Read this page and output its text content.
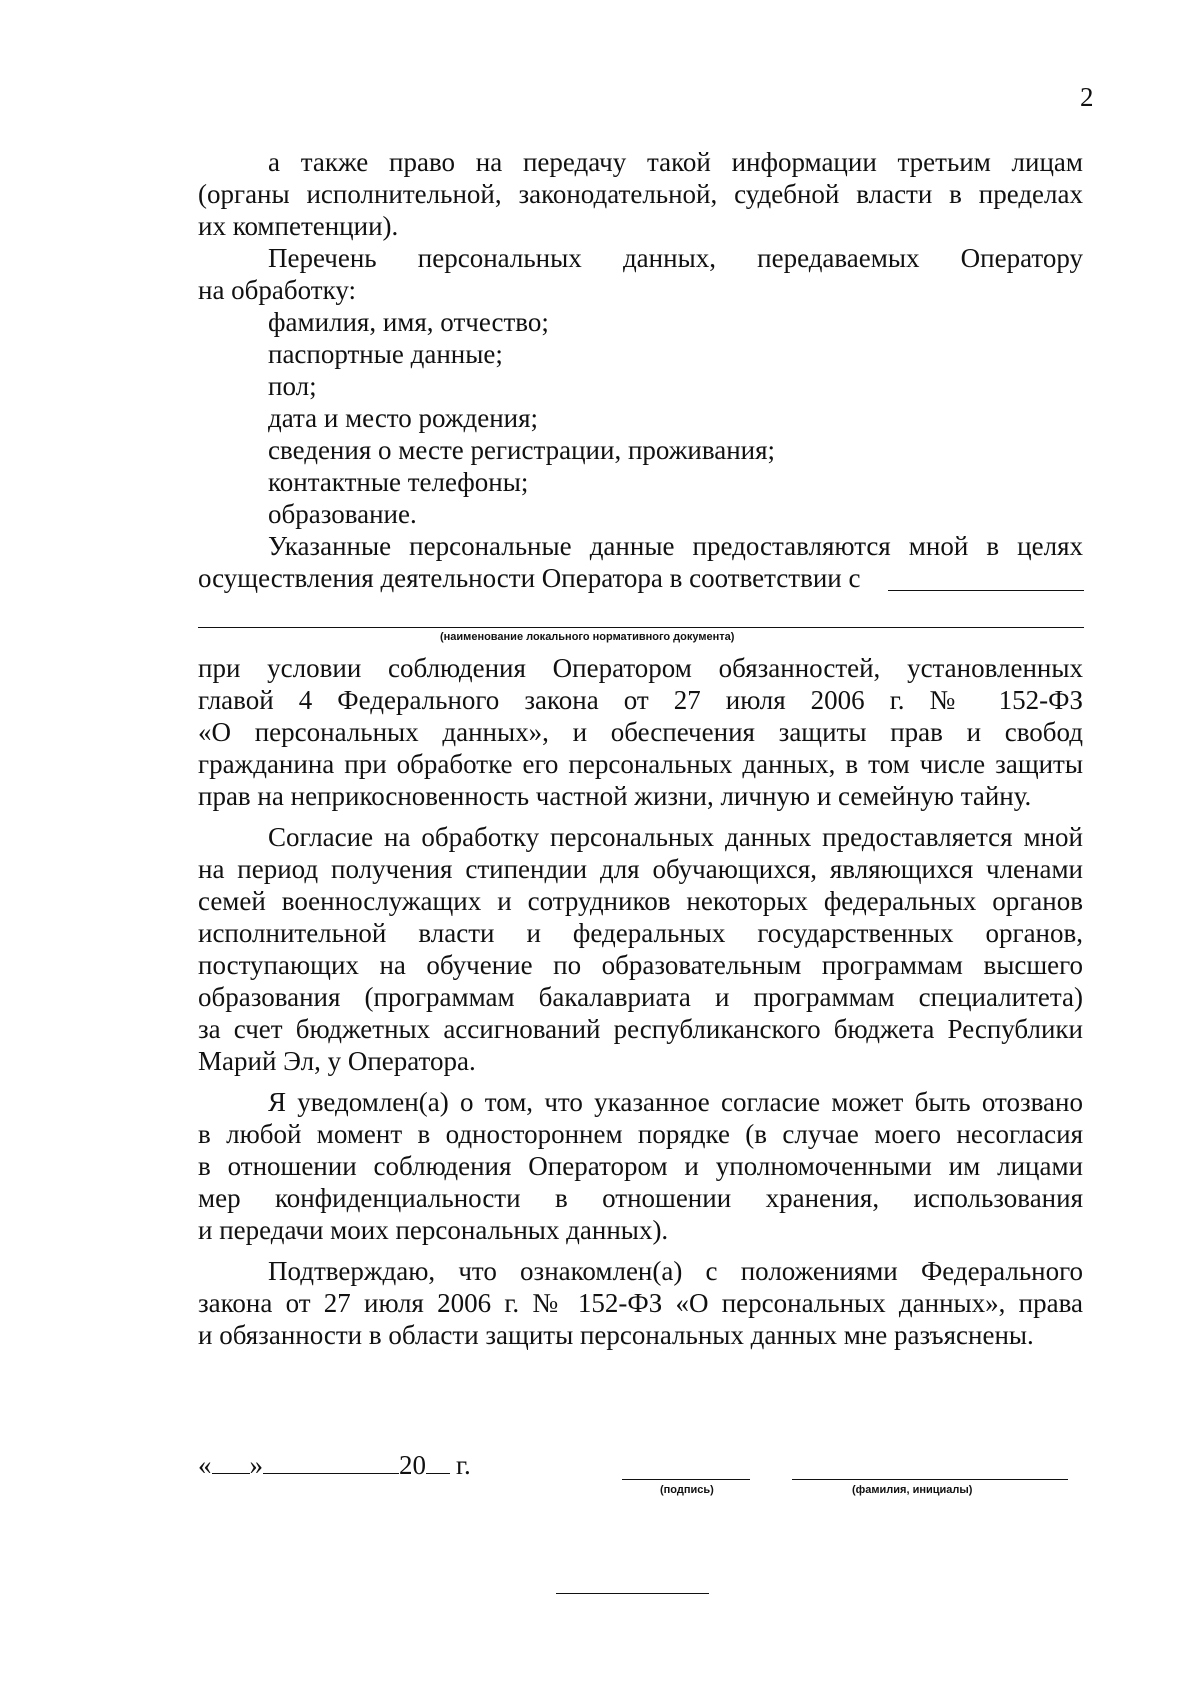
2
а также право на передачу такой информации третьим лицам
(органы исполнительной, законодательной, судебной власти в пределах
их компетенции).
Перечень персональных данных, передаваемых Оператору
на обработку:
фамилия, имя, отчество;
паспортные данные;
пол;
дата и место рождения;
сведения о месте регистрации, проживания;
контактные телефоны;
образование.
Указанные персональные данные предоставляются мной в целях
осуществления деятельности Оператора в соответствии с
(наименование локального нормативного документа)
при условии соблюдения Оператором обязанностей, установленных
главой 4 Федерального закона от 27 июля 2006 г. № 152-ФЗ
«О персональных данных», и обеспечения защиты прав и свобод
гражданина при обработке его персональных данных, в том числе защиты
прав на неприкосновенность частной жизни, личную и семейную тайну.
Согласие на обработку персональных данных предоставляется мной
на период получения стипендии для обучающихся, являющихся членами
семей военнослужащих и сотрудников некоторых федеральных органов
исполнительной власти и федеральных государственных органов,
поступающих на обучение по образовательным программам высшего
образования (программам бакалавриата и программам специалитета)
за счет бюджетных ассигнований республиканского бюджета Республики
Марий Эл, у Оператора.
Я уведомлен(а) о том, что указанное согласие может быть отозвано
в любой момент в одностороннем порядке (в случае моего несогласия
в отношении соблюдения Оператором и уполномоченными им лицами
мер конфиденциальности в отношении хранения, использования
и передачи моих персональных данных).
Подтверждаю, что ознакомлен(а) с положениями Федерального
закона от 27 июля 2006 г. № 152-ФЗ «О персональных данных», права
и обязанности в области защиты персональных данных мне разъяснены.
« »	20 г.
(подпись)	(фамилия, инициалы)
